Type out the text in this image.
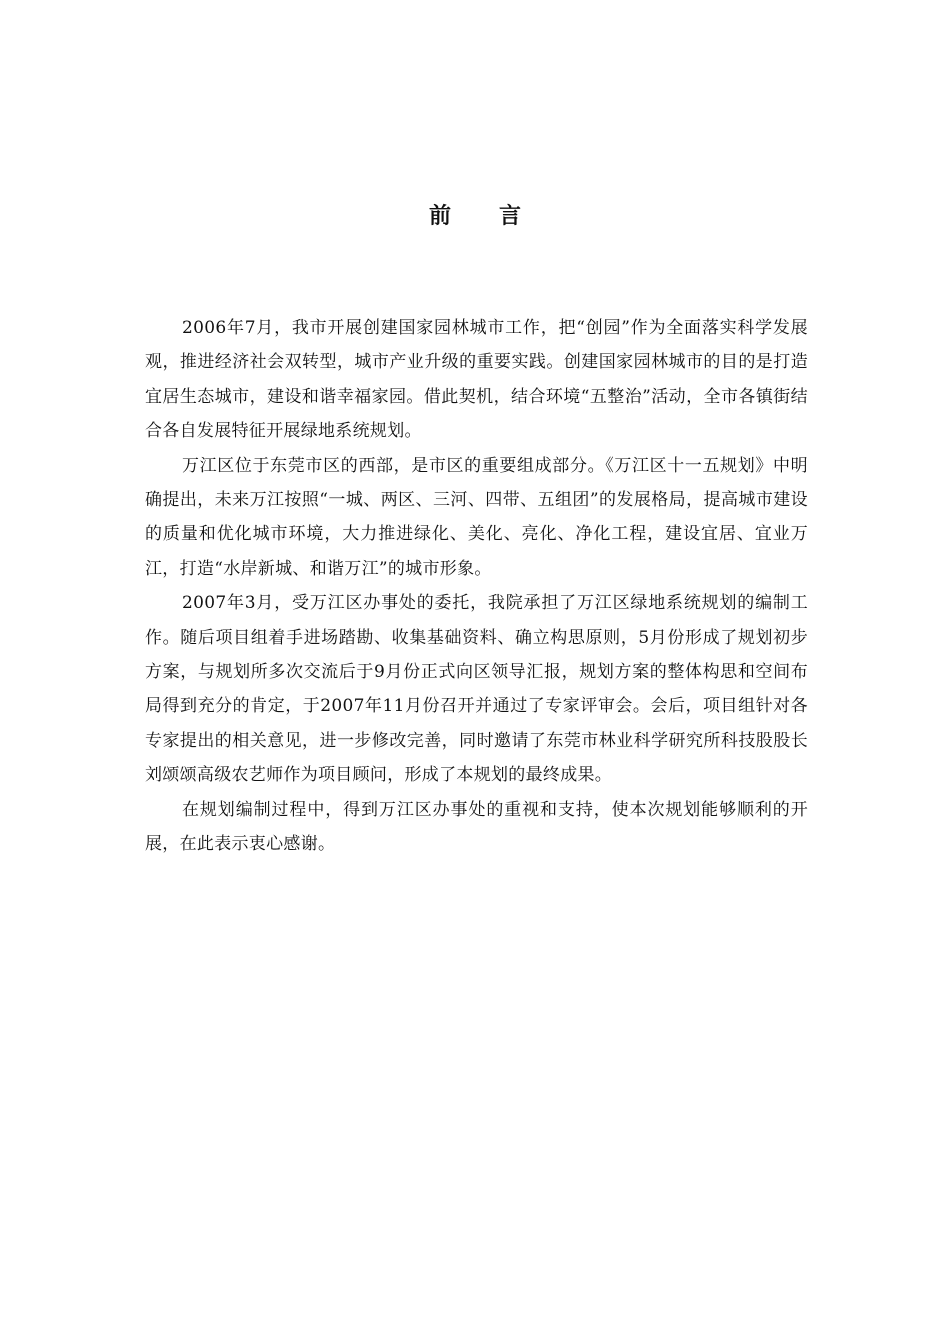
前言

2006年7月，我市开展创建国家园林城市工作，把“创园”作为全面落实科学发展观，推进经济社会双转型，城市产业升级的重要实践。创建国家园林城市的目的是打造宜居生态城市，建设和谐幸福家园。借此契机，结合环境“五整治”活动，全市各镇街结合各自发展特征开展绿地系统规划。

万江区位于东莞市区的西部，是市区的重要组成部分。《万江区十一五规划》中明确提出，未来万江按照“一城、两区、三河、四带、五组团”的发展格局，提高城市建设的质量和优化城市环境，大力推进绿化、美化、亮化、净化工程，建设宜居、宜业万江，打造“水岸新城、和谐万江”的城市形象。

2007年3月，受万江区办事处的委托，我院承担了万江区绿地系统规划的编制工作。随后项目组着手进场踏勘、收集基础资料、确立构思原则，5月份形成了规划初步方案，与规划所多次交流后于9月份正式向区领导汇报，规划方案的整体构思和空间布局得到充分的肯定，于2007年11月份召开并通过了专家评审会。会后，项目组针对各专家提出的相关意见，进一步修改完善，同时邀请了东莞市林业科学研究所科技股股长刘颂颂高级农艺师作为项目顾问，形成了本规划的最终成果。

在规划编制过程中，得到万江区办事处的重视和支持，使本次规划能够顺利的开展，在此表示衷心感谢。
